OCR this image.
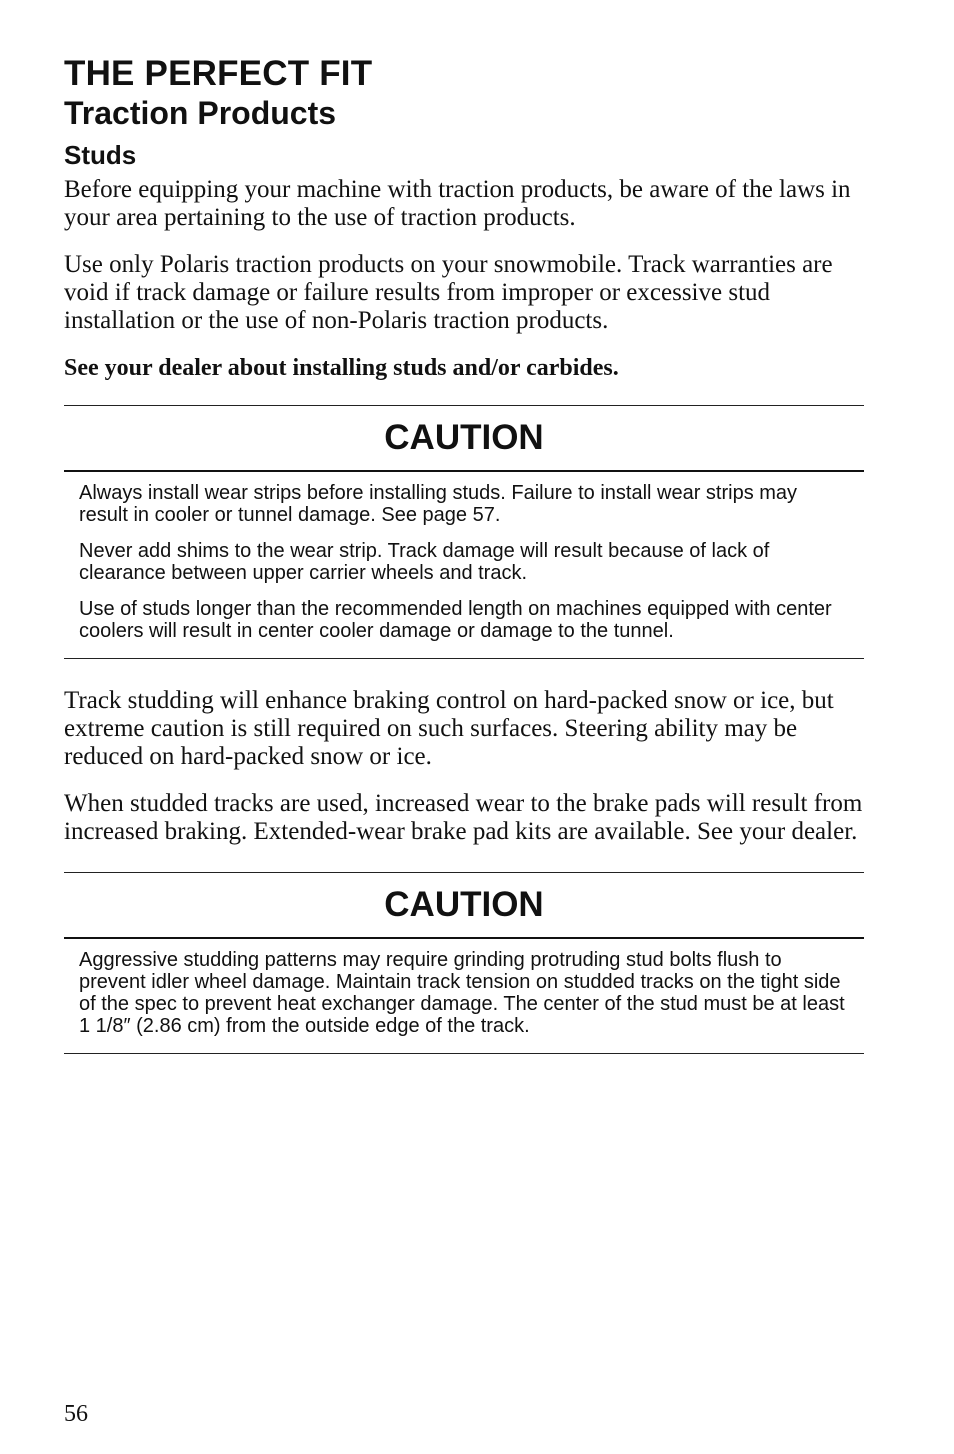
THE PERFECT FIT
Traction Products
Studs

Before equipping your machine with traction products, be aware of the laws in your area pertaining to the use of traction products.

Use only Polaris traction products on your snowmobile. Track warranties are void if track damage or failure results from improper or excessive stud installation or the use of non-Polaris traction products.

See your dealer about installing studs and/or carbides.

CAUTION

Always install wear strips before installing studs. Failure to install wear strips may result in cooler or tunnel damage. See page 57.

Never add shims to the wear strip. Track damage will result because of lack of clearance between upper carrier wheels and track.

Use of studs longer than the recommended length on machines equipped with center coolers will result in center cooler damage or damage to the tunnel.

Track studding will enhance braking control on hard-packed snow or ice, but extreme caution is still required on such surfaces. Steering ability may be reduced on hard-packed snow or ice.

When studded tracks are used, increased wear to the brake pads will result from increased braking. Extended-wear brake pad kits are available. See your dealer.

CAUTION

Aggressive studding patterns may require grinding protruding stud bolts flush to prevent idler wheel damage. Maintain track tension on studded tracks on the tight side of the spec to prevent heat exchanger damage. The center of the stud must be at least 1 1/8″ (2.86 cm) from the outside edge of the track.

56
